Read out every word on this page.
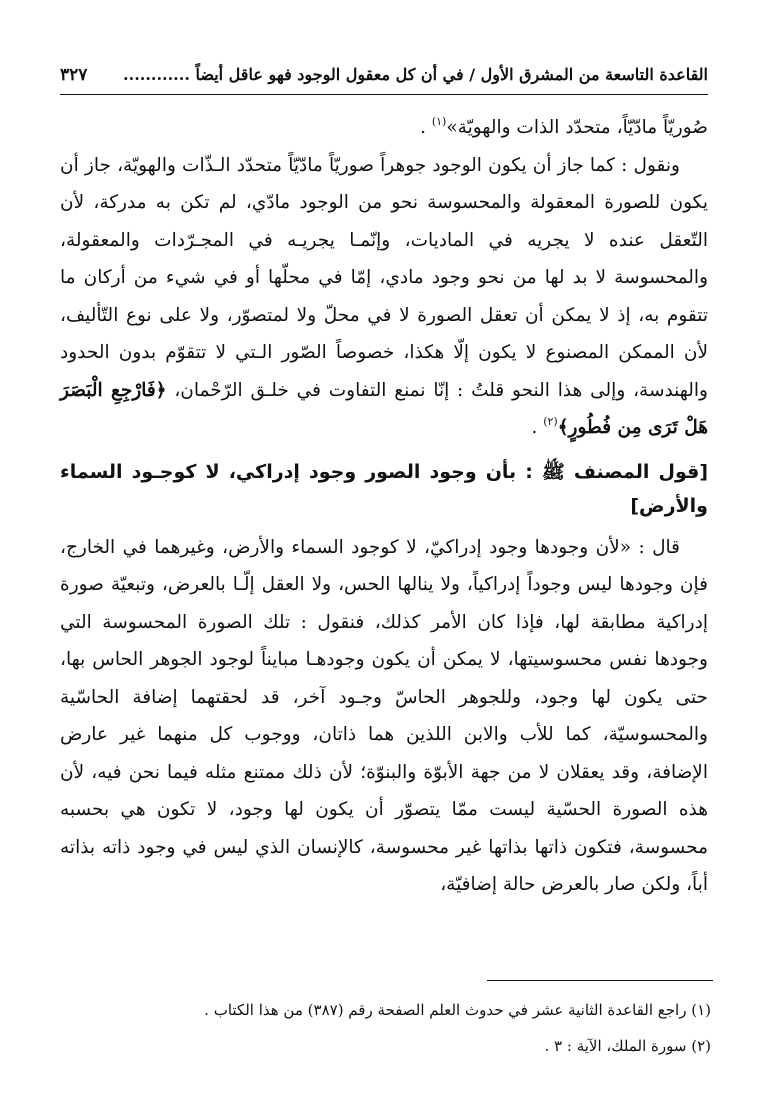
القاعدة التاسعة من المشرق الأول / في أن كل معقول الوجود فهو عاقل أيضاً ............
٣٢٧

صُوريّاً مادّيّاً، متحدّد الذات والهويّة»$^{(١)}$ .

ونقول : كما جاز أن يكون الوجود جوهراً صوريّاً مادّيّاً متحدّد الـذّات والهويّة، جاز أن يكون للصورة المعقولة والمحسوسة نحو من الوجود مادّي، لم تكن به مدركة، لأن التّعقل عنده لا يجريه في الماديات، وإنّمـا يجريـه في المجـرّدات والمعقولة، والمحسوسة لا بد لها من نحو وجود مادي، إمّا في محلّها أو في شيء من أركان ما تتقوم به، إذ لا يمكن أن تعقل الصورة لا في محلّ ولا لمتصوّر، ولا على نوع التّأليف، لأن الممكن المصنوع لا يكون إلّا هكذا، خصوصاً الصّور الـتي لا تتقوّم بدون الحدود والهندسة، وإلى هذا النحو قلتُ : إنّا نمنع التفاوت في خلـق الرّحْمان، ﴿فَارْجِعِ الْبَصَرَ هَلْ تَرَى مِن فُطُورٍ﴾$^{(٢)}$ .

[قول المصنف ﷺ : بأن وجود الصور وجود إدراكي، لا كوجـود السماء والأرض]

قال : «لأن وجودها وجود إدراكيّ، لا كوجود السماء والأرض، وغيرهما في الخارج، فإن وجودها ليس وجوداً إدراكياً، ولا ينالها الحس، ولا العقل إلّـا بالعرض، وتبعيّة صورة إدراكية مطابقة لها، فإذا كان الأمر كذلك، فنقول : تلك الصورة المحسوسة التي وجودها نفس محسوسيتها، لا يمكن أن يكون وجودهـا مبايناً لوجود الجوهر الحاس بها، حتى يكون لها وجود، وللجوهر الحاسّ وجـود آخر، قد لحقتهما إضافة الحاسّية والمحسوسيّة، كما للأب والابن اللذين هما ذاتان، ووجوب كل منهما غير عارض الإضافة، وقد يعقلان لا من جهة الأبوّة والبنوّة؛ لأن ذلك ممتنع مثله فيما نحن فيه، لأن هذه الصورة الحسّية ليست ممّا يتصوّر أن يكون لها وجود، لا تكون هي بحسبه محسوسة، فتكون ذاتها بذاتها غير محسوسة، كالإنسان الذي ليس في وجود ذاته بذاته أباً، ولكن صار بالعرض حالة إضافيّة،

(١) راجع القاعدة الثانية عشر في حدوث العلم الصفحة رقم (٣٨٧) من هذا الكتاب .
(٢) سورة الملك، الآية : ٣ .
